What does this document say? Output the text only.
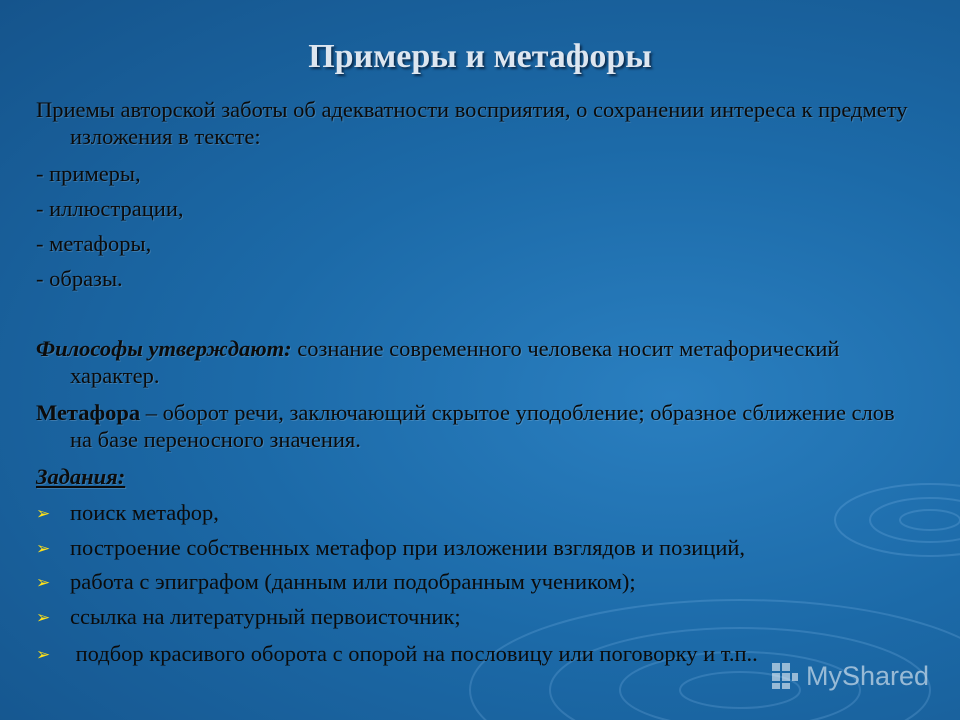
Примеры и метафоры
Приемы авторской заботы об адекватности восприятия, о сохранении интереса к предмету изложения в тексте:
- примеры,
- иллюстрации,
- метафоры,
- образы.
Философы утверждают: сознание современного человека носит метафорический характер.
Метафора – оборот речи, заключающий скрытое уподобление; образное сближение слов на базе переносного значения.
Задания:
➢ поиск метафор,
➢ построение собственных метафор при изложении взглядов и позиций,
➢ работа с эпиграфом (данным или подобранным учеником);
➢ ссылка на литературный первоисточник;
➢ подбор красивого оборота с опорой на пословицу или поговорку и т.п..
MyShared
